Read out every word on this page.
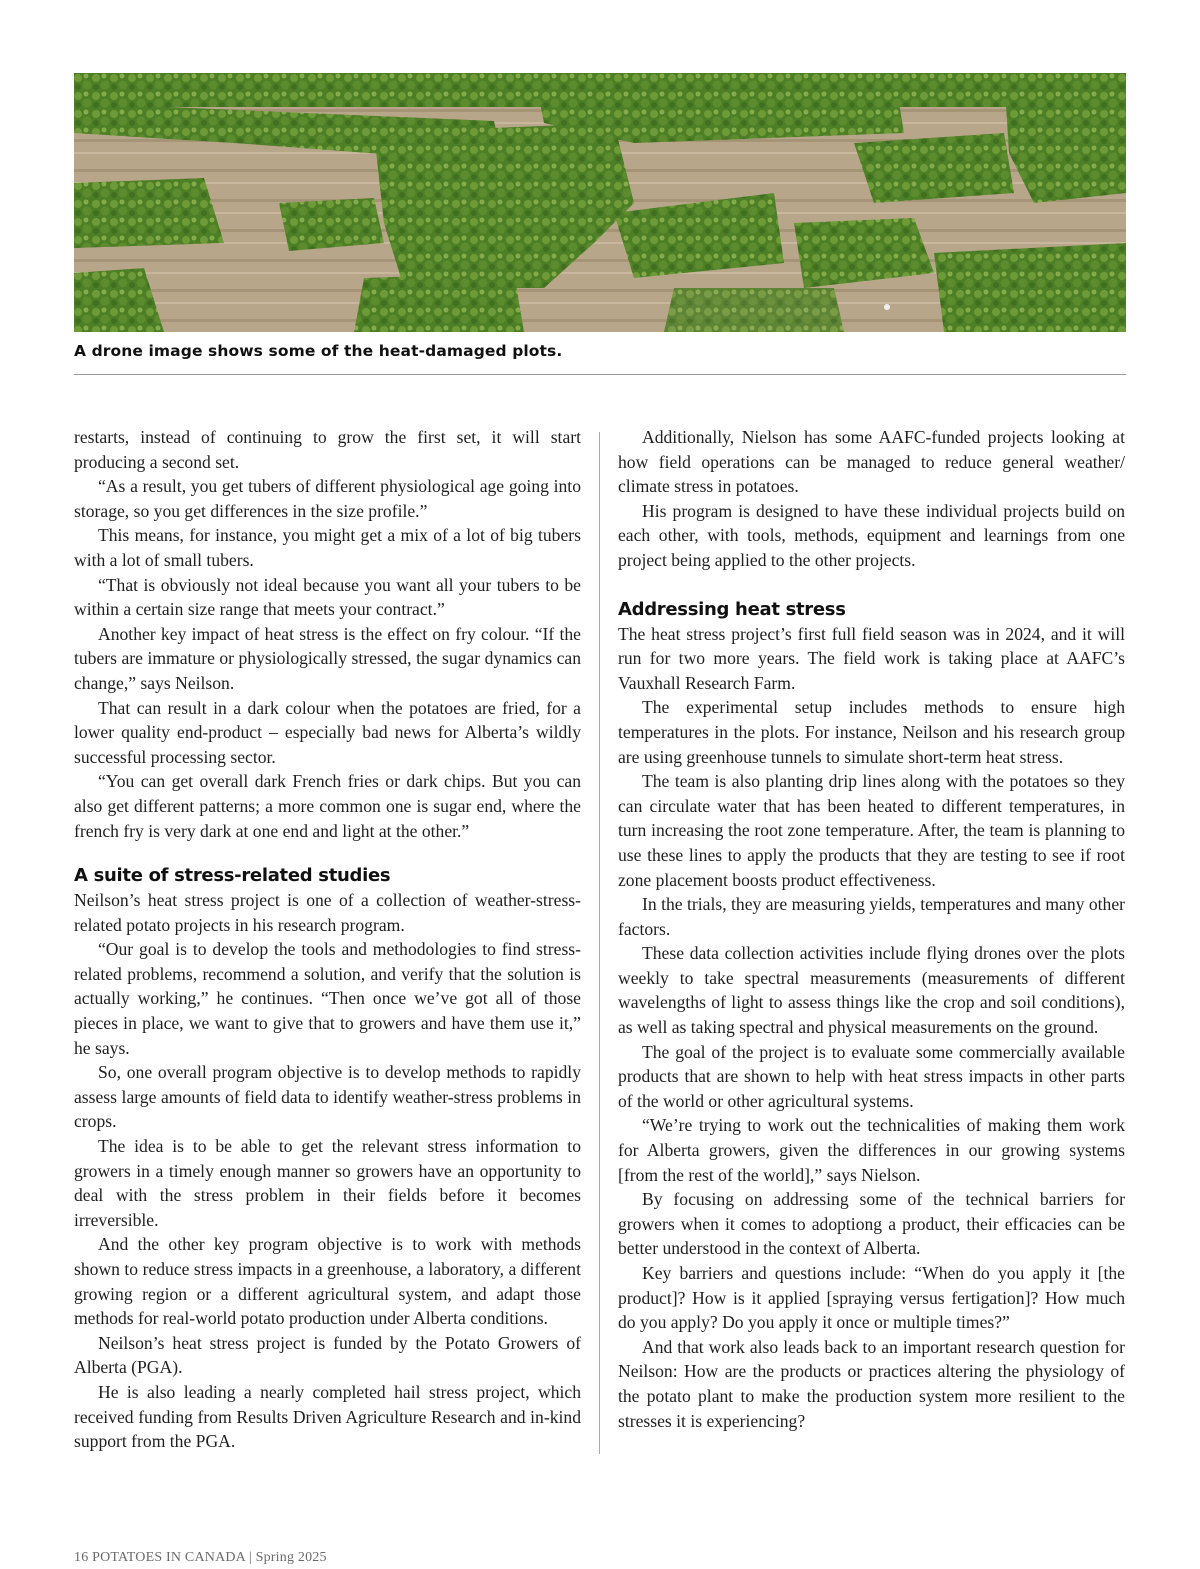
A drone image shows some of the heat-damaged plots.

restarts, instead of continuing to grow the first set, it will start producing a second set.

“As a result, you get tubers of different physiological age going into storage, so you get differences in the size profile.”

This means, for instance, you might get a mix of a lot of big tubers with a lot of small tubers.

“That is obviously not ideal because you want all your tubers to be within a certain size range that meets your contract.”

Another key impact of heat stress is the effect on fry colour. “If the tubers are immature or physiologically stressed, the sugar dynamics can change,” says Neilson.

That can result in a dark colour when the potatoes are fried, for a lower quality end-product – especially bad news for Alberta’s wildly successful processing sector.

“You can get overall dark French fries or dark chips. But you can also get different patterns; a more common one is sugar end, where the french fry is very dark at one end and light at the other.”

A suite of stress-related studies

Neilson’s heat stress project is one of a collection of weather-stress-related potato projects in his research program.

“Our goal is to develop the tools and methodologies to find stress-related problems, recommend a solution, and verify that the solution is actually working,” he continues. “Then once we’ve got all of those pieces in place, we want to give that to growers and have them use it,” he says.

So, one overall program objective is to develop methods to rapidly assess large amounts of field data to identify weather-stress problems in crops.

The idea is to be able to get the relevant stress information to growers in a timely enough manner so growers have an opportunity to deal with the stress problem in their fields before it becomes irreversible.

And the other key program objective is to work with methods shown to reduce stress impacts in a greenhouse, a laboratory, a different growing region or a different agricultural system, and adapt those methods for real-world potato production under Alberta conditions.

Neilson’s heat stress project is funded by the Potato Growers of Alberta (PGA).

He is also leading a nearly completed hail stress project, which received funding from Results Driven Agriculture Research and in-kind support from the PGA.

Additionally, Nielson has some AAFC-funded projects looking at how field operations can be managed to reduce general weather/ climate stress in potatoes.

His program is designed to have these individual projects build on each other, with tools, methods, equipment and learnings from one project being applied to the other projects.

Addressing heat stress

The heat stress project’s first full field season was in 2024, and it will run for two more years. The field work is taking place at AAFC’s Vauxhall Research Farm.

The experimental setup includes methods to ensure high temperatures in the plots. For instance, Neilson and his research group are using greenhouse tunnels to simulate short-term heat stress.

The team is also planting drip lines along with the potatoes so they can circulate water that has been heated to different temperatures, in turn increasing the root zone temperature. After, the team is planning to use these lines to apply the products that they are testing to see if root zone placement boosts product effectiveness.

In the trials, they are measuring yields, temperatures and many other factors.

These data collection activities include flying drones over the plots weekly to take spectral measurements (measurements of different wavelengths of light to assess things like the crop and soil conditions), as well as taking spectral and physical measurements on the ground.

The goal of the project is to evaluate some commercially available products that are shown to help with heat stress impacts in other parts of the world or other agricultural systems.

“We’re trying to work out the technicalities of making them work for Alberta growers, given the differences in our growing systems [from the rest of the world],” says Nielson.

By focusing on addressing some of the technical barriers for growers when it comes to adoptiong a product, their efficacies can be better understood in the context of Alberta.

Key barriers and questions include: “When do you apply it [the product]? How is it applied [spraying versus fertigation]? How much do you apply? Do you apply it once or multiple times?”

And that work also leads back to an important research question for Neilson: How are the products or practices altering the physiology of the potato plant to make the production system more resilient to the stresses it is experiencing?

16 POTATOES IN CANADA | Spring 2025
